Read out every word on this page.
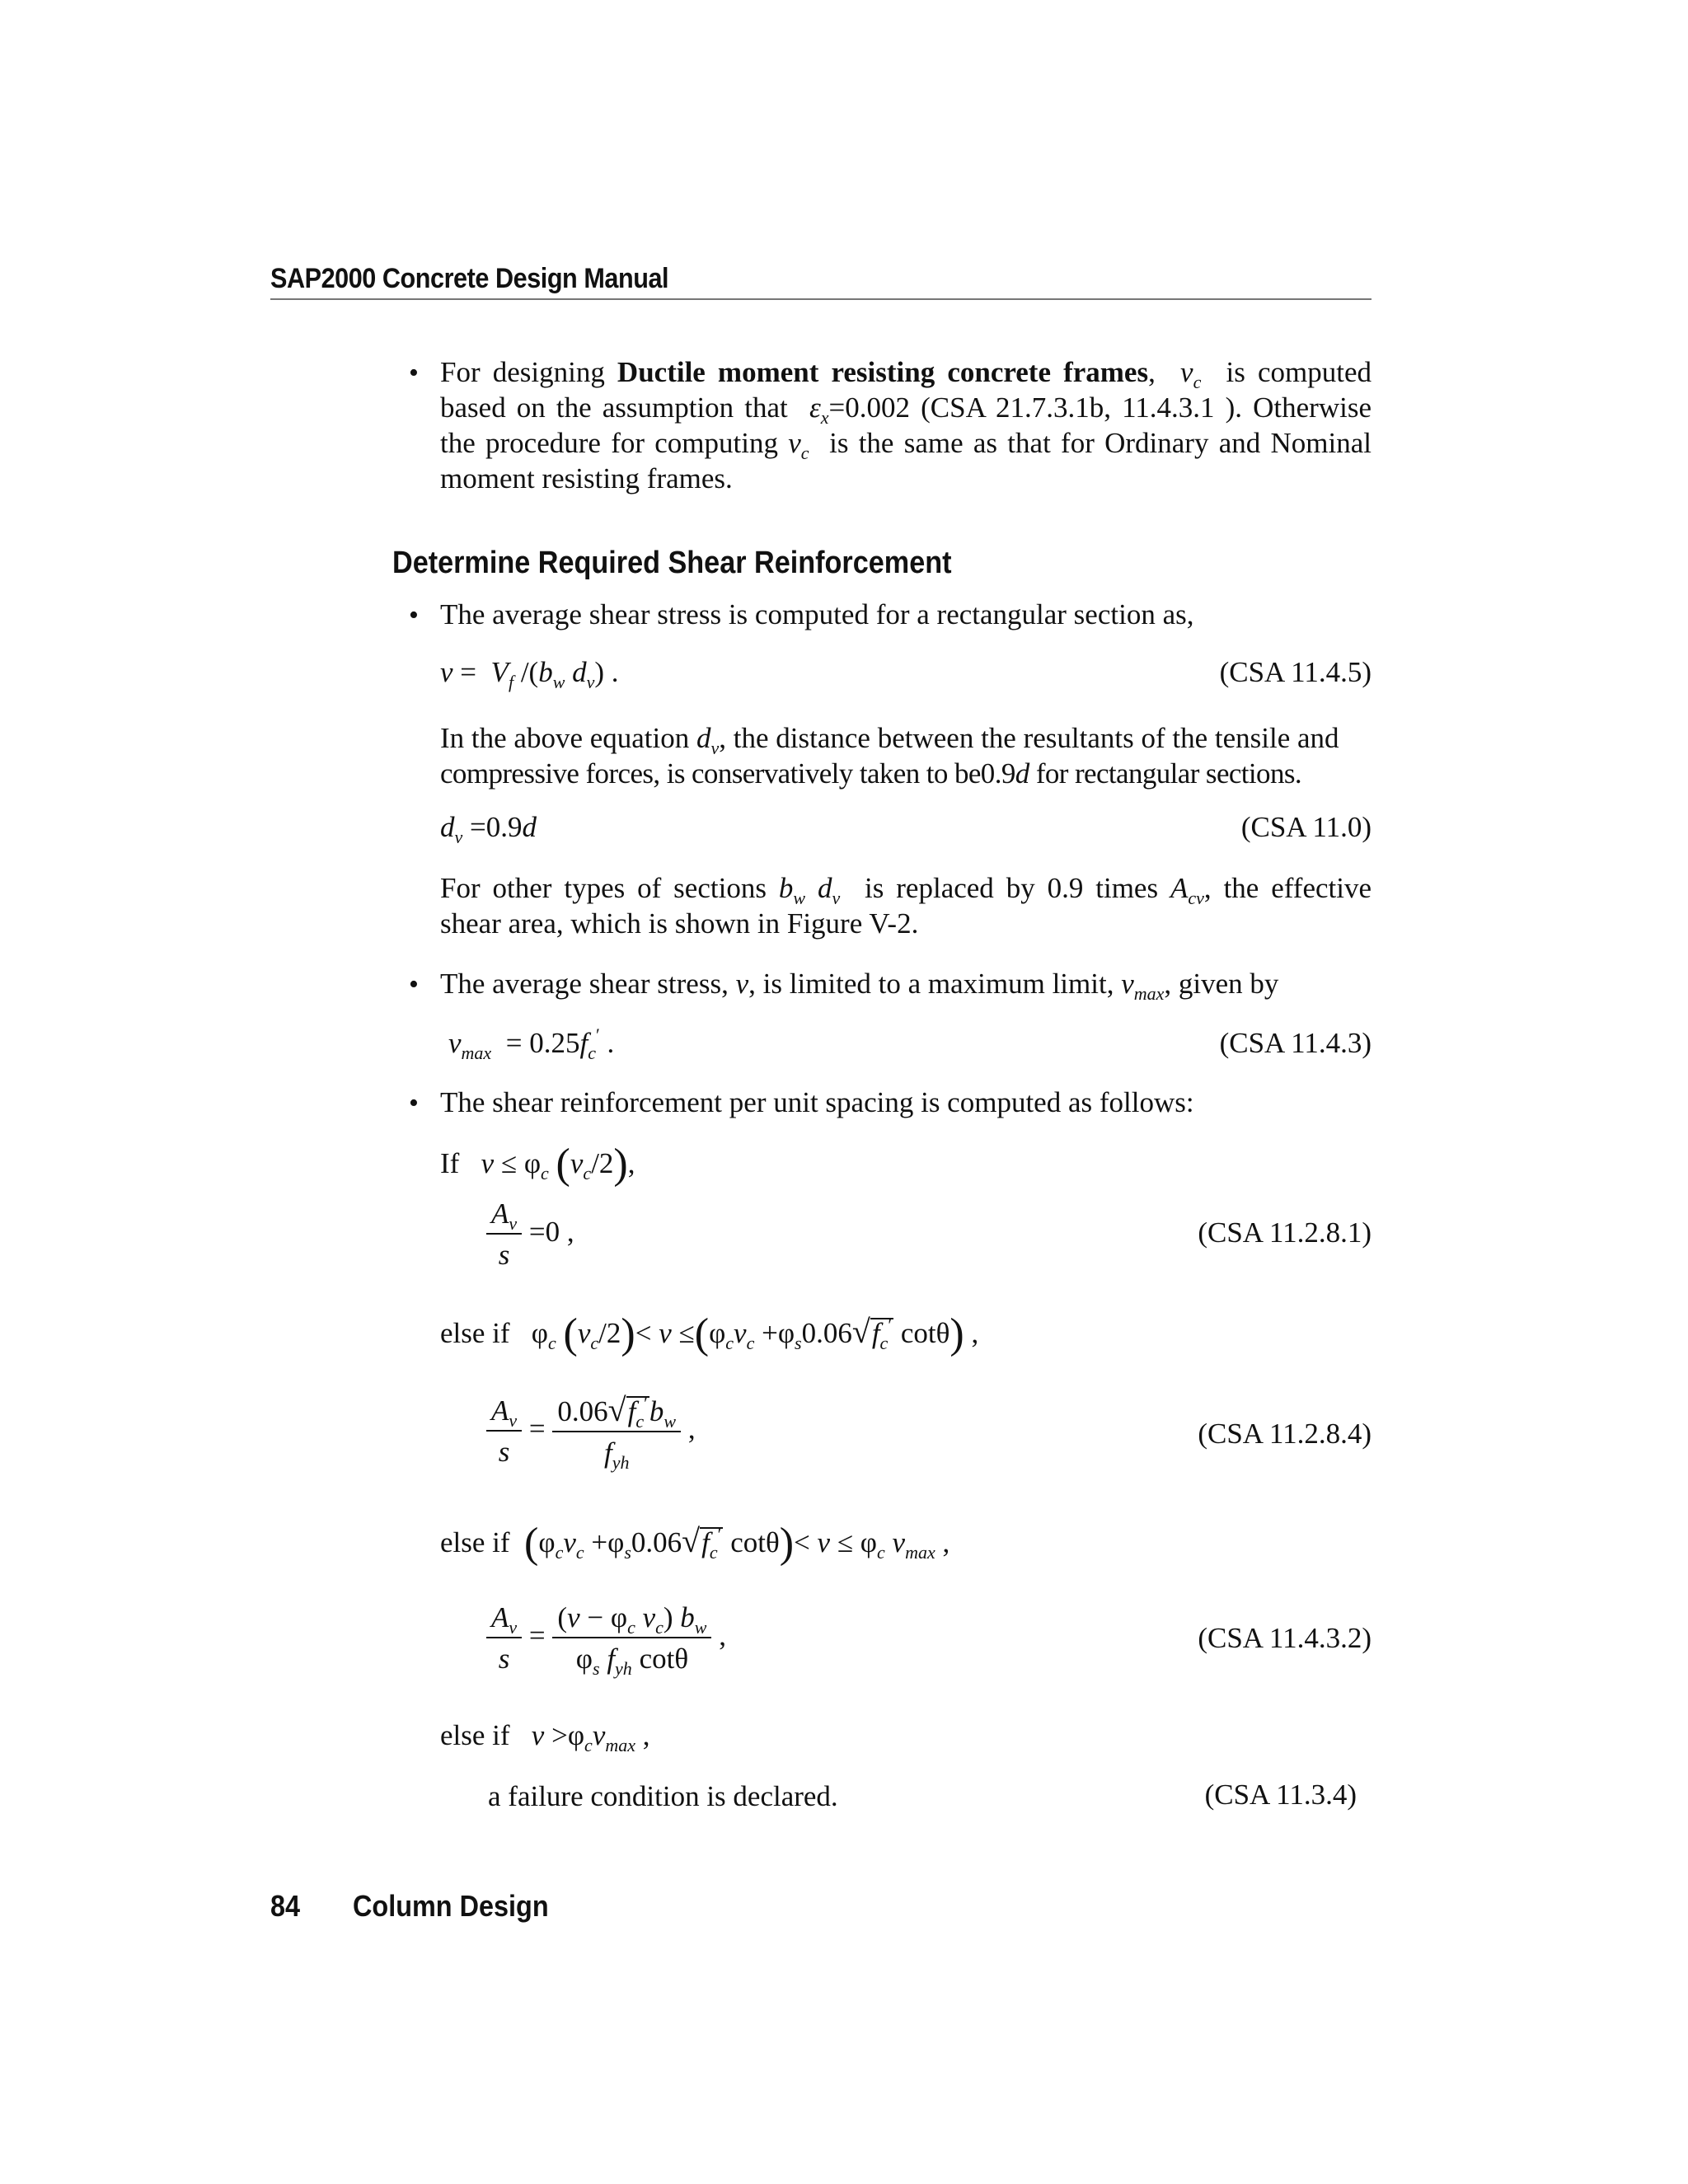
SAP2000 Concrete Design Manual
• For designing Ductile moment resisting concrete frames, $v_c$ is computed
based on the assumption that $\varepsilon_x=0.002$ (CSA 21.7.3.1b, 11.4.3.1 ). Otherwise
the procedure for computing $v_c$ is the same as that for Ordinary and Nominal
moment resisting frames.
Determine Required Shear Reinforcement
• The average shear stress is computed for a rectangular section as,
$v = V_f$ $/(b_w$ $d_v$) .	(CSA 11.4.5)
In the above equation $d_v$, the distance between the resultants of the tensile and
compressive forces, is conservatively taken to be0.9d for rectangular sections.
$d_v =0.9d$	(CSA 11.0)
For other types of sections $b_w$ $d_v$ is replaced by 0.9 times $A_{cv}$, the effective
shear area, which is shown in Figure V-2.
• The average shear stress, v, is limited to a maximum limit, $v_{max}$, given by
$v_{max} = 0.25f_c'$ .	(CSA 11.4.3)
• The shear reinforcement per unit spacing is computed as follows:
If $v \le \varphi_c$ $(v_c/2)$,
$\frac{A_v}{s} =0$ ,	(CSA 11.2.8.1)
else if   $\varphi_c$ $(v_c/2)< v \le(\varphi_cv_c +\varphi_s0.06√f_c'$ cotθ) ,
$\frac{A_v}{s} = \frac{0.06√f_c'b_w}{f_{yh}}$ ,	(CSA 11.2.8.4)
else if ($\varphi_cv_c +\varphi_s0.06√f_c'$ $\cot\theta)< v \le \varphi_c$ $v_{max}$ ,
$\frac{A_v}{s} = \frac{(v - \varphi_c v_c) b_w}{\varphi_s f_{yh} \cot\theta}$ ,	(CSA 11.4.3.2)
else if $v >\varphi_cv_{max}$ ,
a failure condition is declared.	(CSA 11.3.4)
84 Column Design
